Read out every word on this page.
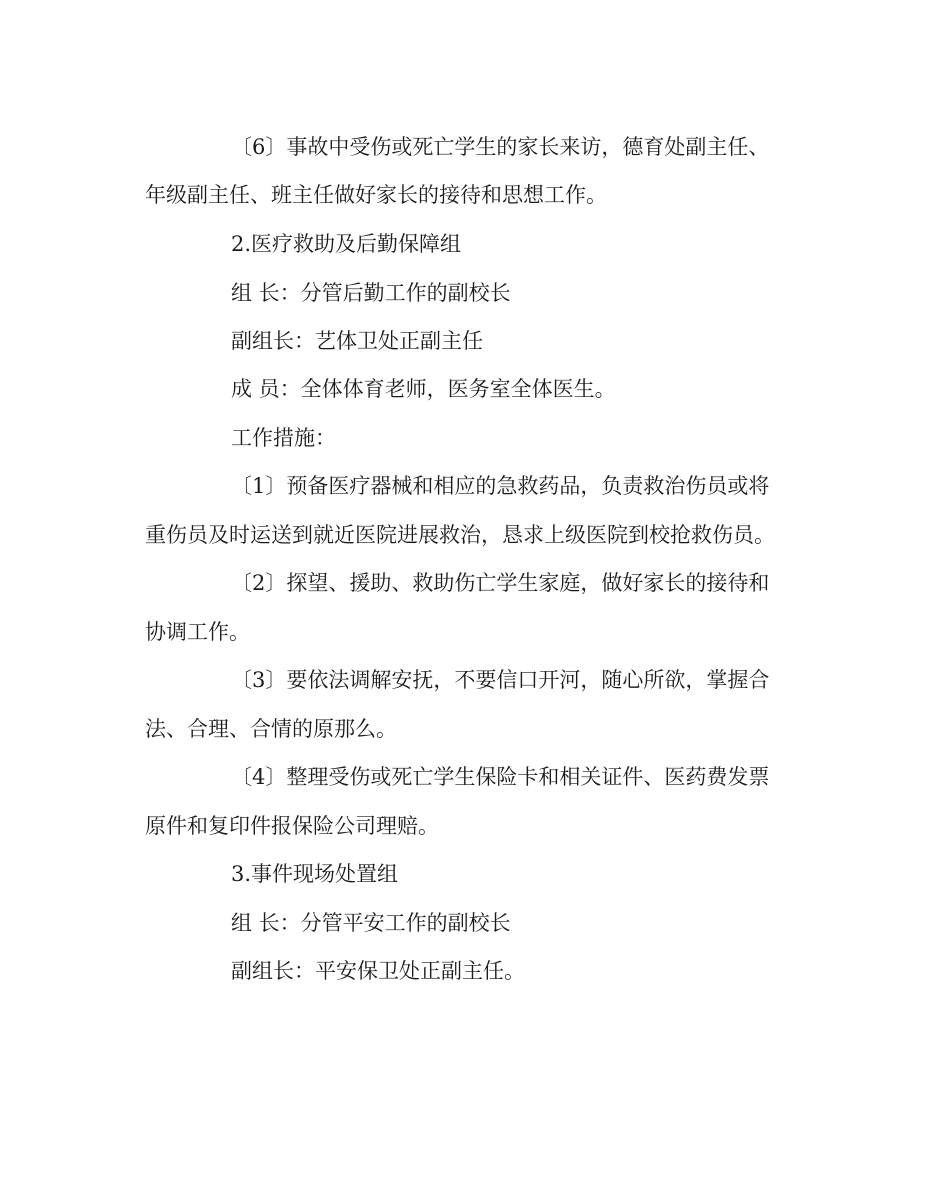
〔6〕事故中受伤或死亡学生的家长来访，德育处副主任、
年级副主任、班主任做好家长的接待和思想工作。
2.医疗救助及后勤保障组
组 长：分管后勤工作的副校长
副组长：艺体卫处正副主任
成 员：全体体育老师，医务室全体医生。
工作措施：
〔1〕预备医疗器械和相应的急救药品，负责救治伤员或将
重伤员及时运送到就近医院进展救治，恳求上级医院到校抢救伤员。
〔2〕探望、援助、救助伤亡学生家庭，做好家长的接待和
协调工作。
〔3〕要依法调解安抚，不要信口开河，随心所欲，掌握合
法、合理、合情的原那么。
〔4〕整理受伤或死亡学生保险卡和相关证件、医药费发票
原件和复印件报保险公司理赔。
3.事件现场处置组
组 长：分管平安工作的副校长
副组长：平安保卫处正副主任。
